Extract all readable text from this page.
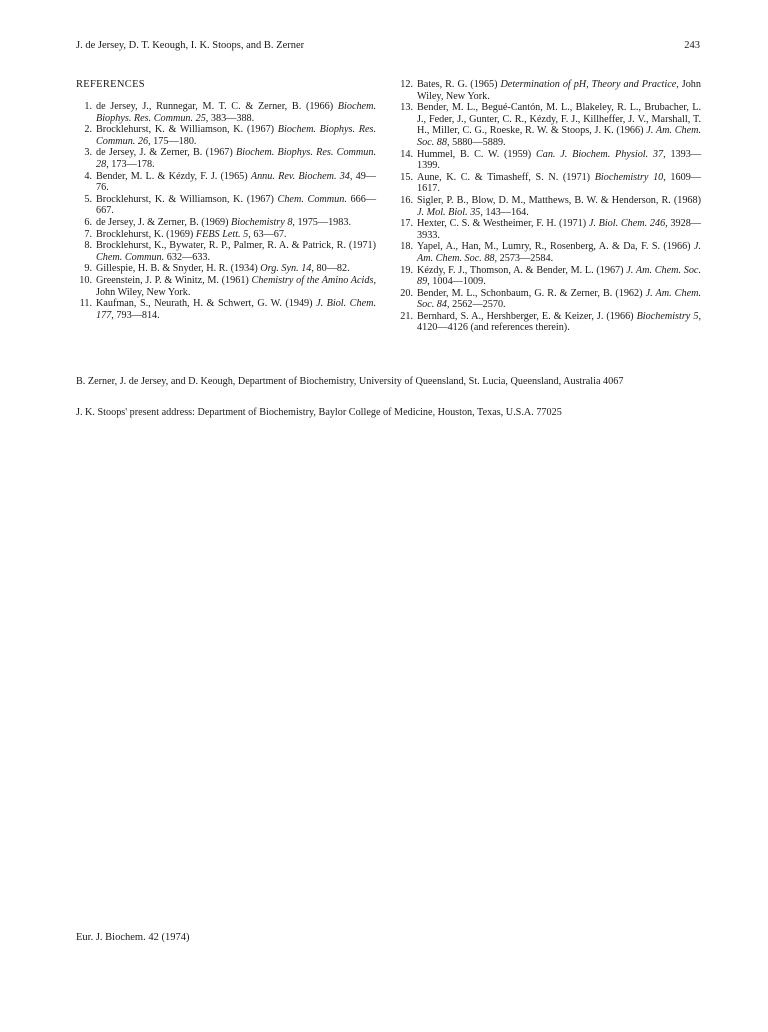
J. de Jersey, D. T. Keough, I. K. Stoops, and B. Zerner	243
REFERENCES
1. de Jersey, J., Runnegar, M. T. C. & Zerner, B. (1966) Biochem. Biophys. Res. Commun. 25, 383—388.
2. Brocklehurst, K. & Williamson, K. (1967) Biochem. Biophys. Res. Commun. 26, 175—180.
3. de Jersey, J. & Zerner, B. (1967) Biochem. Biophys. Res. Commun. 28, 173—178.
4. Bender, M. L. & Kézdy, F. J. (1965) Annu. Rev. Biochem. 34, 49—76.
5. Brocklehurst, K. & Williamson, K. (1967) Chem. Commun. 666—667.
6. de Jersey, J. & Zerner, B. (1969) Biochemistry 8, 1975—1983.
7. Brocklehurst, K. (1969) FEBS Lett. 5, 63—67.
8. Brocklehurst, K., Bywater, R. P., Palmer, R. A. & Patrick, R. (1971) Chem. Commun. 632—633.
9. Gillespie, H. B. & Snyder, H. R. (1934) Org. Syn. 14, 80—82.
10. Greenstein, J. P. & Winitz, M. (1961) Chemistry of the Amino Acids, John Wiley, New York.
11. Kaufman, S., Neurath, H. & Schwert, G. W. (1949) J. Biol. Chem. 177, 793—814.
12. Bates, R. G. (1965) Determination of pH, Theory and Practice, John Wiley, New York.
13. Bender, M. L., Begué-Cantón, M. L., Blakeley, R. L., Brubacher, L. J., Feder, J., Gunter, C. R., Kézdy, F. J., Killheffer, J. V., Marshall, T. H., Miller, C. G., Roeske, R. W. & Stoops, J. K. (1966) J. Am. Chem. Soc. 88, 5880—5889.
14. Hummel, B. C. W. (1959) Can. J. Biochem. Physiol. 37, 1393—1399.
15. Aune, K. C. & Timasheff, S. N. (1971) Biochemistry 10, 1609—1617.
16. Sigler, P. B., Blow, D. M., Matthews, B. W. & Henderson, R. (1968) J. Mol. Biol. 35, 143—164.
17. Hexter, C. S. & Westheimer, F. H. (1971) J. Biol. Chem. 246, 3928—3933.
18. Yapel, A., Han, M., Lumry, R., Rosenberg, A. & Da, F. S. (1966) J. Am. Chem. Soc. 88, 2573—2584.
19. Kézdy, F. J., Thomson, A. & Bender, M. L. (1967) J. Am. Chem. Soc. 89, 1004—1009.
20. Bender, M. L., Schonbaum, G. R. & Zerner, B. (1962) J. Am. Chem. Soc. 84, 2562—2570.
21. Bernhard, S. A., Hershberger, E. & Keizer, J. (1966) Biochemistry 5, 4120—4126 (and references therein).
B. Zerner, J. de Jersey, and D. Keough, Department of Biochemistry, University of Queensland, St. Lucia, Queensland, Australia 4067
J. K. Stoops' present address: Department of Biochemistry, Baylor College of Medicine, Houston, Texas, U.S.A. 77025
Eur. J. Biochem. 42 (1974)
